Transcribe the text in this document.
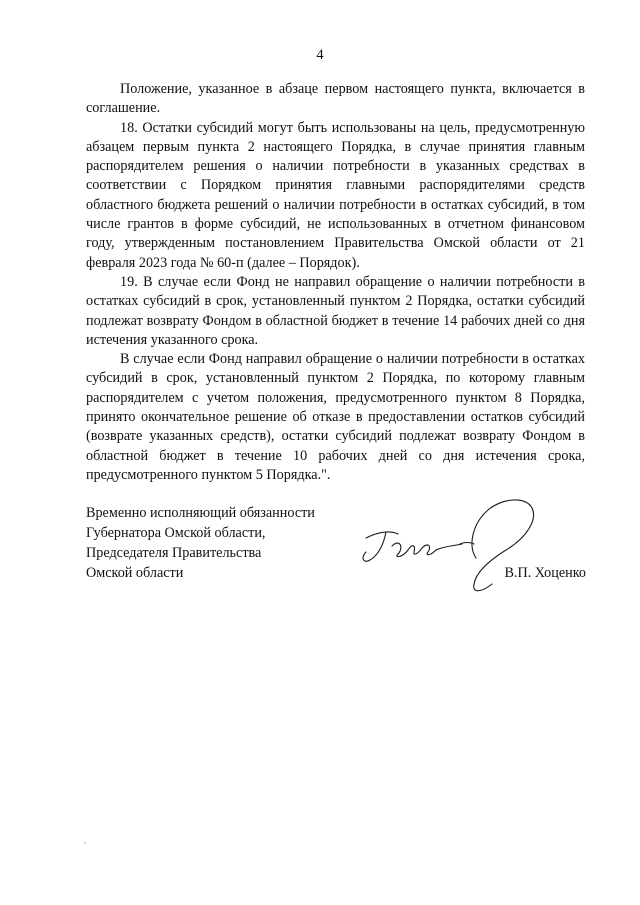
4

Положение, указанное в абзаце первом настоящего пункта, включается в соглашение.

18. Остатки субсидий могут быть использованы на цель, предусмотренную абзацем первым пункта 2 настоящего Порядка, в случае принятия главным распорядителем решения о наличии потребности в указанных средствах в соответствии с Порядком принятия главными распорядителями средств областного бюджета решений о наличии потребности в остатках субсидий, в том числе грантов в форме субсидий, не использованных в отчетном финансовом году, утвержденным постановлением Правительства Омской области от 21 февраля 2023 года № 60-п (далее – Порядок).

19. В случае если Фонд не направил обращение о наличии потребности в остатках субсидий в срок, установленный пунктом 2 Порядка, остатки субсидий подлежат возврату Фондом в областной бюджет в течение 14 рабочих дней со дня истечения указанного срока.

В случае если Фонд направил обращение о наличии потребности в остатках субсидий в срок, установленный пунктом 2 Порядка, по которому главным распорядителем с учетом положения, предусмотренного пунктом 8 Порядка, принято окончательное решение об отказе в предоставлении остатков субсидий (возврате указанных средств), остатки субсидий подлежат возврату Фондом в областной бюджет в течение 10 рабочих дней со дня истечения срока, предусмотренного пунктом 5 Порядка.".

Временно исполняющий обязанности
Губернатора Омской области,
Председателя Правительства
Омской области	В.П. Хоценко
